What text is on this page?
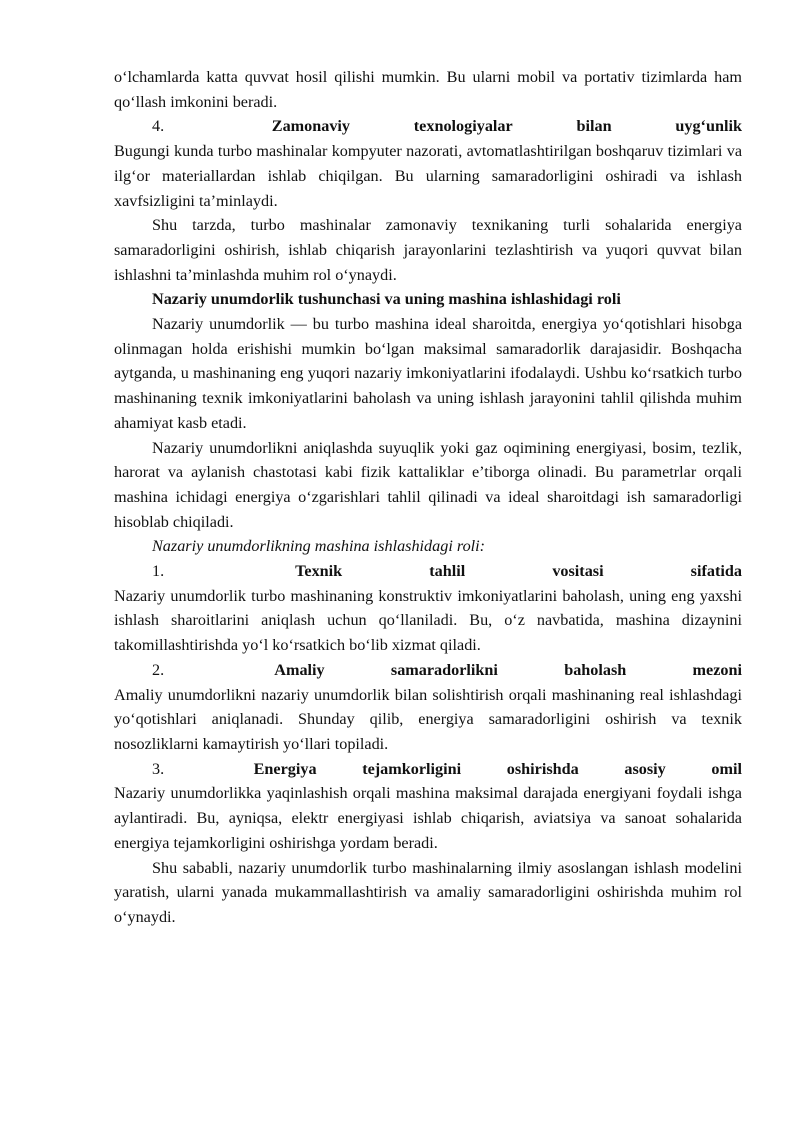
o‘lchamlarda katta quvvat hosil qilishi mumkin. Bu ularni mobil va portativ tizimlarda ham qo‘llash imkonini beradi.

4.	Zamonaviy	texnologiyalar	bilan	uyg‘unlik

Bugungi kunda turbo mashinalar kompyuter nazorati, avtomatlashtirilgan boshqaruv tizimlari va ilg‘or materiallardan ishlab chiqilgan. Bu ularning samaradorligini oshiradi va ishlash xavfsizligini ta’minlaydi.

Shu tarzda, turbo mashinalar zamonaviy texnikaning turli sohalarida energiya samaradorligini oshirish, ishlab chiqarish jarayonlarini tezlashtirish va yuqori quvvat bilan ishlashni ta’minlashda muhim rol o‘ynaydi.

Nazariy unumdorlik tushunchasi va uning mashina ishlashidagi roli

Nazariy unumdorlik — bu turbo mashina ideal sharoitda, energiya yo‘qotishlari hisobga olinmagan holda erishishi mumkin bo‘lgan maksimal samaradorlik darajasidir. Boshqacha aytganda, u mashinaning eng yuqori nazariy imkoniyatlarini ifodalaydi. Ushbu ko‘rsatkich turbo mashinaning texnik imkoniyatlarini baholash va uning ishlash jarayonini tahlil qilishda muhim ahamiyat kasb etadi.

Nazariy unumdorlikni aniqlashda suyuqlik yoki gaz oqimining energiyasi, bosim, tezlik, harorat va aylanish chastotasi kabi fizik kattaliklar e’tiborga olinadi. Bu parametrlar orqali mashina ichidagi energiya o‘zgarishlari tahlil qilinadi va ideal sharoitdagi ish samaradorligi hisoblab chiqiladi.

Nazariy unumdorlikning mashina ishlashidagi roli:

1.	Texnik	tahlil	vositasi	sifatida

Nazariy unumdorlik turbo mashinaning konstruktiv imkoniyatlarini baholash, uning eng yaxshi ishlash sharoitlarini aniqlash uchun qo‘llaniladi. Bu, o‘z navbatida, mashina dizaynini takomillashtirishda yo‘l ko‘rsatkich bo‘lib xizmat qiladi.

2.	Amaliy	samaradorlikni	baholash	mezoni

Amaliy unumdorlikni nazariy unumdorlik bilan solishtirish orqali mashinaning real ishlashdagi yo‘qotishlari aniqlanadi. Shunday qilib, energiya samaradorligini oshirish va texnik nosozliklarni kamaytirish yo‘llari topiladi.

3.	Energiya	tejamkorligini	oshirishda	asosiy	omil

Nazariy unumdorlikka yaqinlashish orqali mashina maksimal darajada energiyani foydali ishga aylantiradi. Bu, ayniqsa, elektr energiyasi ishlab chiqarish, aviatsiya va sanoat sohalarida energiya tejamkorligini oshirishga yordam beradi.

Shu sababli, nazariy unumdorlik turbo mashinalarning ilmiy asoslangan ishlash modelini yaratish, ularni yanada mukammallashtirish va amaliy samaradorligini oshirishda muhim rol o‘ynaydi.
